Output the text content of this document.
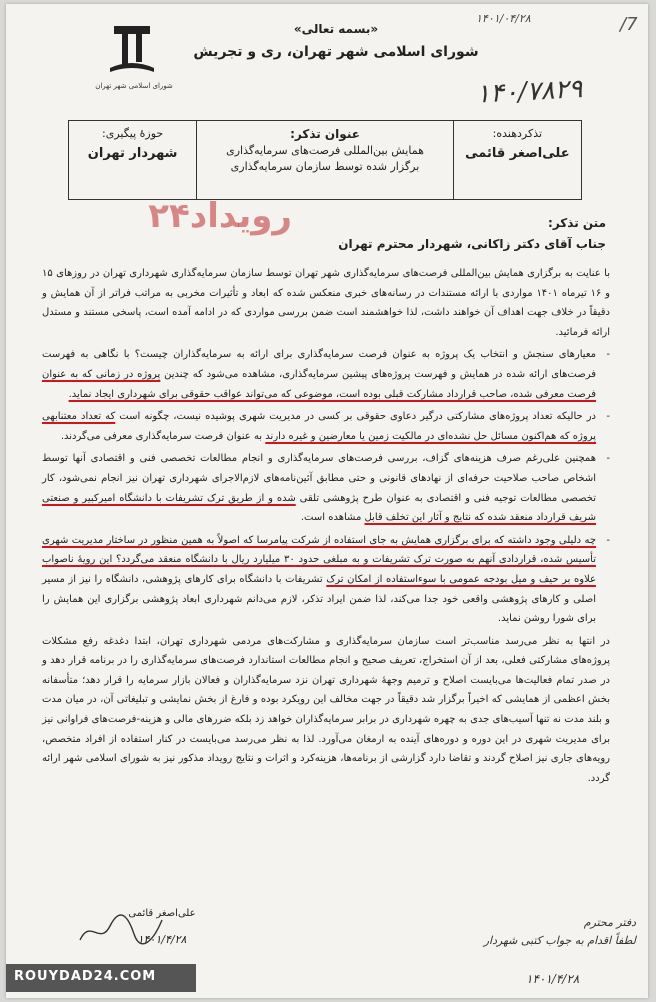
شورای اسلامی شهر تهران
«بسمه تعالی»
شورای اسلامی شهر تهران، ری و تجریش
۱۴۰۱/۰۴/۲۸	/7
۱۴۰/۷۸۲۹
تذکردهنده:
علی‌اصغر قائمی

عنوان تذکر:
همایش بین‌المللی فرصت‌های سرمایه‌گذاری
برگزار شده توسط سازمان سرمایه‌گذاری

حوزهٔ پیگیری:
شهردار تهران
رویداد۲۴	متن تذکر:
جناب آقای دکتر زاکانی، شهردار محترم تهران

با عنایت به برگزاری همایش بین‌المللی فرصت‌های سرمایه‌گذاری شهر تهران توسط سازمان سرمایه‌گذاری شهرداری تهران در روزهای ۱۵ و ۱۶ تیرماه ۱۴۰۱ مواردی با ارائه مستندات در رسانه‌های خبری منعکس شده که ابعاد و تأثیرات مخربی به مراتب فراتر از آن همایش و دقیقاً در خلاف جهت اهداف آن خواهند داشت، لذا خواهشمند است ضمن بررسی مواردی که در ادامه آمده است، پاسخی مستند و مستدل ارائه فرمائید.

- معیارهای سنجش و انتخاب یک پروژه به عنوان فرصت سرمایه‌گذاری برای ارائه به سرمایه‌گذاران چیست؟ با نگاهی به فهرست فرصت‌های ارائه شده در همایش و فهرست پروژه‌های پیشین سرمایه‌گذاری، مشاهده می‌شود که چندین پروژه در زمانی که به عنوان فرصت معرفی شده، صاحب قرارداد مشارکت قبلی بوده است، موضوعی که می‌تواند عواقب حقوقی برای شهرداری ایجاد نماید.

- در حالیکه تعداد پروژه‌های مشارکتی درگیر دعاوی حقوقی بر کسی در مدیریت شهری پوشیده نیست، چگونه است که تعداد معتنابهی پروژه که هم‌اکنون مسائل حل نشده‌ای در مالکیت زمین یا معارضین و غیره دارند به عنوان فرصت سرمایه‌گذاری معرفی می‌گردند.

- همچنین علی‌رغم صرف هزینه‌های گزاف، بررسی فرصت‌های سرمایه‌گذاری و انجام مطالعات تخصصی فنی و اقتصادی آنها توسط اشخاص صاحب صلاحیت حرفه‌ای از نهادهای قانونی و حتی مطابق آئین‌نامه‌های لازم‌الاجرای شهرداری تهران نیز انجام نمی‌شود، کار تخصصی مطالعات توجیه فنی و اقتصادی به عنوان طرح پژوهشی تلقی شده و از طریق ترک تشریفات با دانشگاه امیرکبیر و صنعتی شریف قرارداد منعقد شده که نتایج و آثار این تخلف قابل مشاهده است.

- چه دلیلی وجود داشته که برای برگزاری همایش به جای استفاده از شرکت پیامرسا که اصولاً به همین منظور در ساختار مدیریت شهری تأسیس شده، قراردادی آنهم به صورت ترک تشریفات و به مبلغی حدود ۳۰ میلیارد ریال با دانشگاه منعقد می‌گردد؟ این رویهٔ ناصواب علاوه بر حیف و میل بودجه عمومی با سوءاستفاده از امکان ترک تشریفات با دانشگاه برای کارهای پژوهشی، دانشگاه را نیز از مسیر اصلی و کارهای پژوهشی واقعی خود جدا می‌کند، لذا ضمن ایراد تذکر، لازم می‌دانم شهرداری ابعاد پژوهشی برگزاری این همایش را برای شورا روشن نماید.

در انتها به نظر می‌رسد مناسب‌تر است سازمان سرمایه‌گذاری و مشارکت‌های مردمی شهرداری تهران، ابتدا دغدغه رفع مشکلات پروژه‌های مشارکتی فعلی، بعد از آن استخراج، تعریف صحیح و انجام مطالعات استاندارد فرصت‌های سرمایه‌گذاری را در برنامه قرار دهد و در صدر تمام فعالیت‌ها می‌بایست اصلاح و ترمیم وجههٔ شهرداری تهران نزد سرمایه‌گذاران و فعالان بازار سرمایه را قرار دهد؛ متأسفانه بخش اعظمی از همایشی که اخیراً برگزار شد دقیقاً در جهت مخالف این رویکرد بوده و فارغ از بخش نمایشی و تبلیغاتی آن، در میان مدت و بلند مدت نه تنها آسیب‌های جدی به چهره شهرداری در برابر سرمایه‌گذاران خواهد زد بلکه ضررهای مالی و هزینه-فرصت‌های فراوانی نیز برای مدیریت شهری در این دوره و دوره‌های آینده به ارمغان می‌آورد. لذا به نظر می‌رسد می‌بایست در کنار استفاده از افراد متخصص، رویه‌های جاری نیز اصلاح گردند و تقاضا دارد گزارشی از برنامه‌ها، هزینه‌کرد و اثرات و نتایج رویداد مذکور نیز به شورای اسلامی شهر ارائه گردد.

علی‌اصغر قائمی
۱۴۰۱/۴/۲۸
دفتر محترم
لطفاً اقدام به جواب کتبی شهردار
۱۴۰۱/۴/۲۸
ROUYDAD24.COM
